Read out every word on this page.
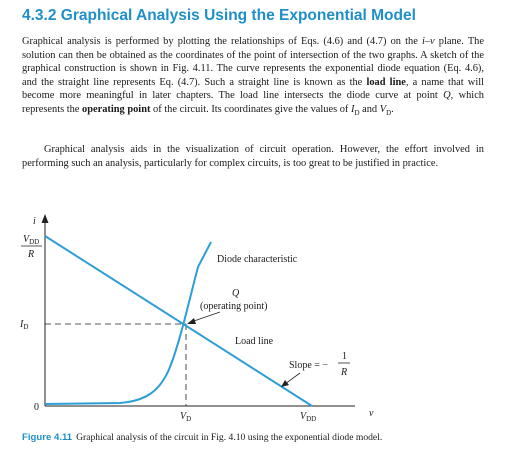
4.3.2 Graphical Analysis Using the Exponential Model

Graphical analysis is performed by plotting the relationships of Eqs. (4.6) and (4.7) on the i–v plane. The solution can then be obtained as the coordinates of the point of intersection of the two graphs. A sketch of the graphical construction is shown in Fig. 4.11. The curve represents the exponential diode equation (Eq. 4.6), and the straight line represents Eq. (4.7). Such a straight line is known as the load line, a name that will become more meaningful in later chapters. The load line intersects the diode curve at point Q, which represents the operating point of the circuit. Its coordinates give the values of $I_D$ and $V_D$.

Graphical analysis aids in the visualization of circuit operation. However, the effort involved in performing such an analysis, particularly for complex circuits, is too great to be justified in practice.

i
v
$V_{DD}$
R
$I_D$
0
Diode characteristic
Q
(operating point)
Load line
Slope = −
1
R
$V_D$	$V_{DD}$
Figure 4.11 Graphical analysis of the circuit in Fig. 4.10 using the exponential diode model.
